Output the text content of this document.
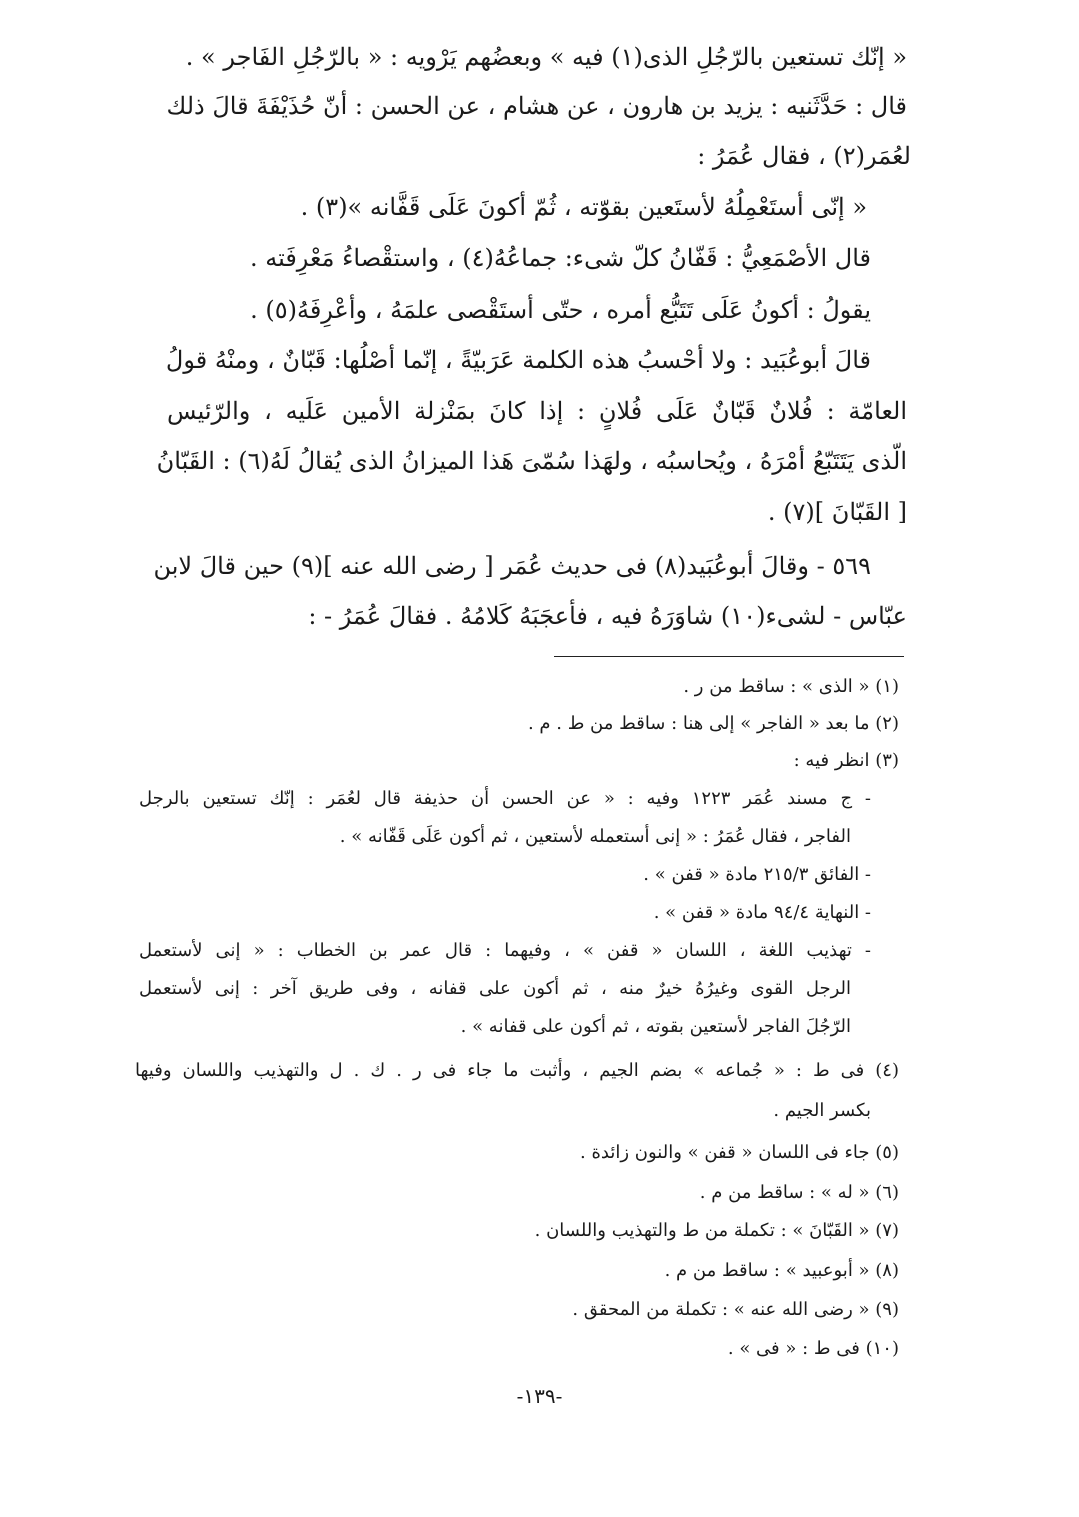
« إنّك تستعين بالرّجُلِ الذى(١) فيه » وبعضُهم يَرْويه : « بالرّجُلِ الفَاجر » .
قال : حَدَّثَنيه : يزيد بن هارون ، عن هشام ، عن الحسن : أنّ حُذَيْفَةَ قالَ ذلك
لعُمَر(٢) ، فقال عُمَرُ :
« إنّى أستَعْمِلُهُ لأستَعين بقوّته ، ثُمّ أكونَ عَلَى قَفَّانه »(٣) .
قال الأصْمَعِيُّ : قَفّانُ كلّ شىء: جماعُهُ(٤) ، واستقْصاءُ مَعْرِفَته .
يقولُ : أكونُ عَلَى تَتَبُّع أمره ، حتّى أستَقْصى علمَهُ ، وأعْرِفَهُ(٥) .
قالَ أبوعُبَيد : ولا أحْسبُ هذه الكلمة عَرَبيّةً ، إنّما أصْلُها: قَبّانٌ ، ومنْهُ قولُ
العامّة : فُلانٌ قَبّانٌ عَلَى فُلانٍ : إذا كانَ بمَنْزلة الأمين عَلَيه ، والرّئيس
الّذى يَتَتَبّعُ أمْرَهُ ، ويُحاسبُه ، ولهَذا سُمّىَ هَذا الميزانُ الذى يُقالُ لَهُ(٦) : القَبّانُ
[ القَبّانَ ](٧) .
٥٦٩ - وقالَ أبوعُبَيد(٨) فى حديث عُمَر [ رضى الله عنه ](٩) حين قالَ لابن
عبّاس - لشىء(١٠) شاوَرَهُ فيه ، فأعجَبَهُ كَلامُهُ . فقالَ عُمَرُ - :
(١) « الذى » : ساقط من ر .
(٢) ما بعد « الفاجر » إلى هنا : ساقط من ط . م .
(٣) انظر فيه :
- ج مسند عُمَر ١٢٢٣ وفيه : « عن الحسن أن حذيفة قال لعُمَر : إنّك تستعين بالرجل
الفاجر ، فقال عُمَرُ : « إنى أستعمله لأستعين ، ثم أكون عَلَى قَفّانه » .
- الفائق ٢١٥/٣ مادة « قفن » .
- النهاية ٩٤/٤ مادة « قفن » .
- تهذيب اللغة ، اللسان « قفن » ، وفيهما : قال عمر بن الخطاب : « إنى لأستعمل
الرجل القوى وغيرُهُ خيرٌ منه ، ثم أكون على قفانه ، وفى طريق آخر : إنى لأستعمل
الرّجُلَ الفاجر لأستعين بقوته ، ثم أكون على قفانه » .
(٤) فى ط : « جُماعه » بضم الجيم ، وأثبت ما جاء فى ر . ك . ل والتهذيب واللسان وفيها
بكسر الجيم .
(٥) جاء فى اللسان « قفن » والنون زائدة .
(٦) « له » : ساقط من م .
(٧) « القَبّانَ » : تكملة من ط والتهذيب واللسان .
(٨) « أبوعبيد » : ساقط من م .
(٩) « رضى الله عنه » : تكملة من المحقق .
(١٠) فى ط : « فى » .
-١٣٩-
